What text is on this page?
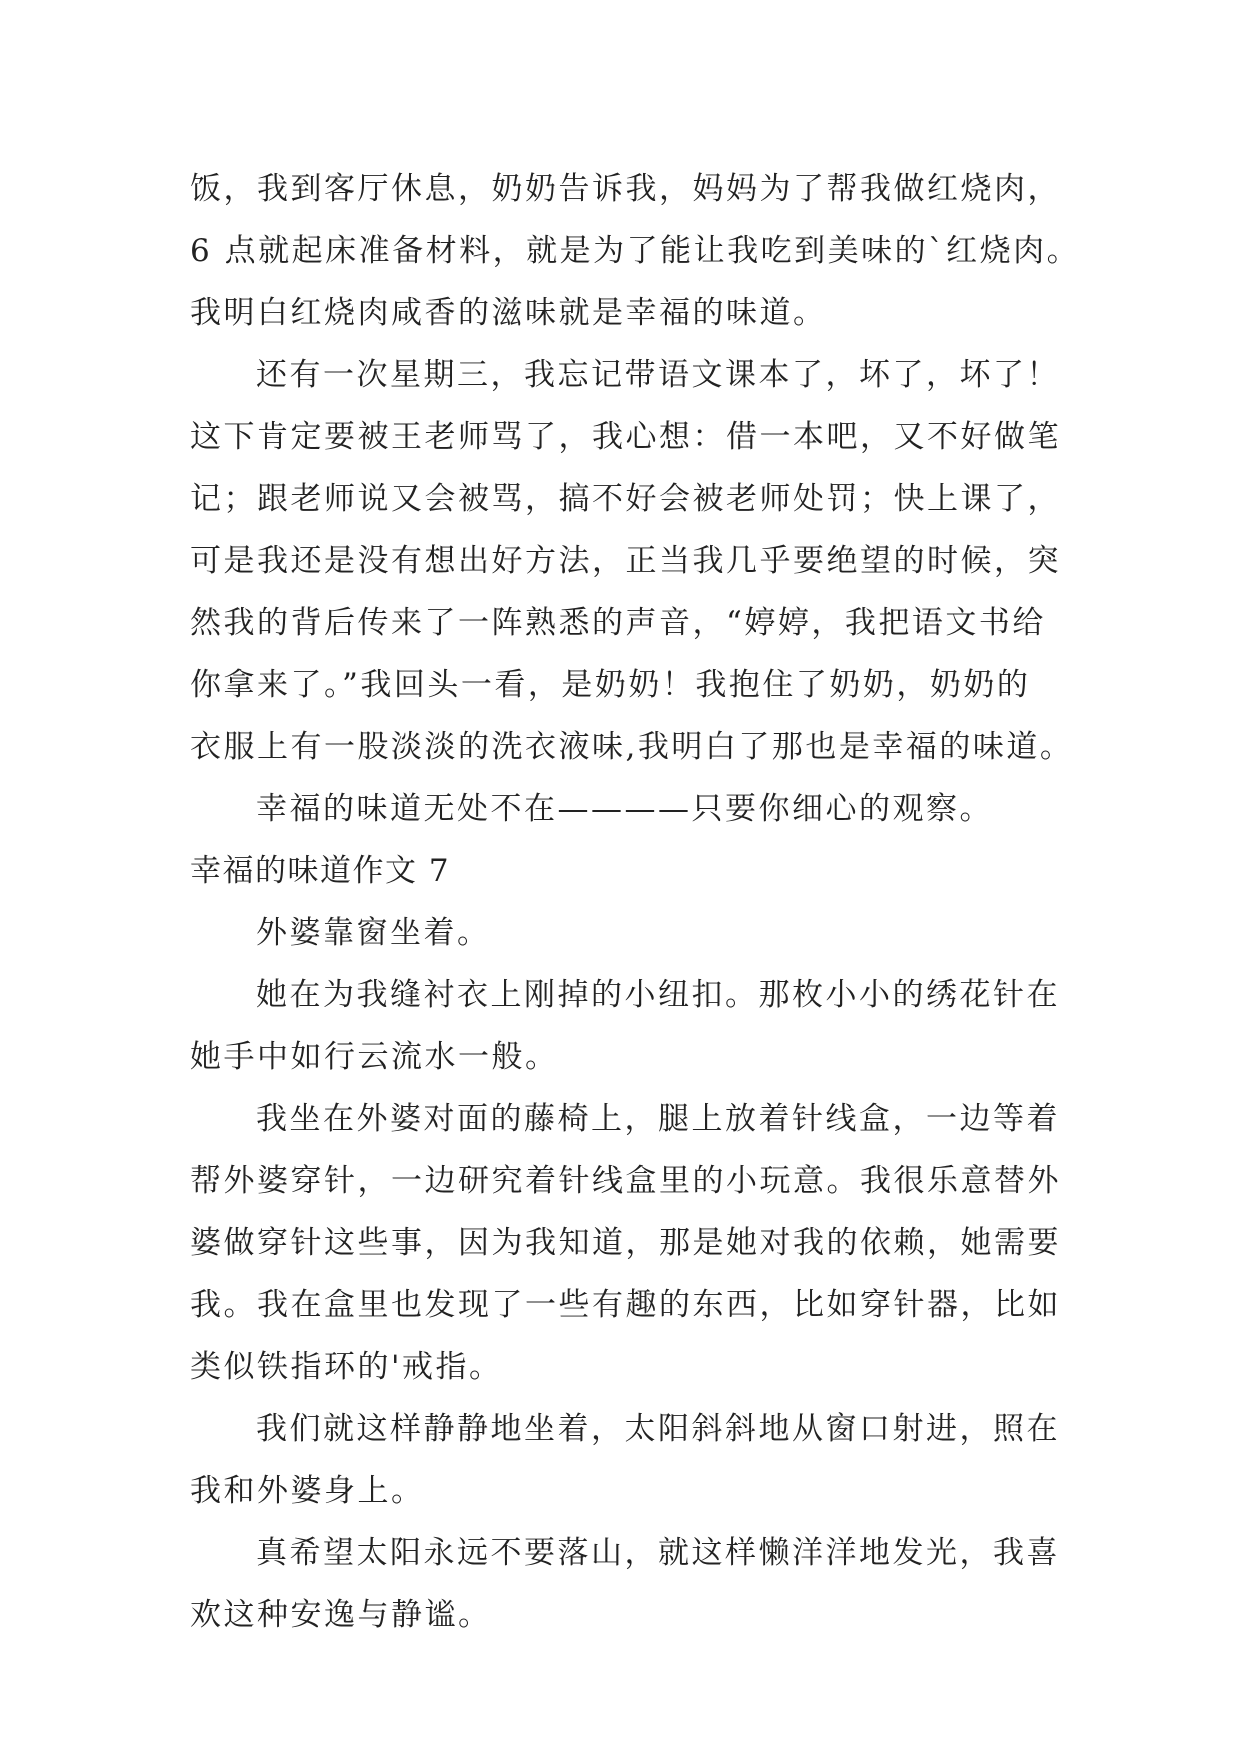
饭，我到客厅休息，奶奶告诉我，妈妈为了帮我做红烧肉，
6 点就起床准备材料，就是为了能让我吃到美味的`红烧肉。
我明白红烧肉咸香的滋味就是幸福的味道。
还有一次星期三，我忘记带语文课本了，坏了，坏了！
这下肯定要被王老师骂了，我心想：借一本吧，又不好做笔
记；跟老师说又会被骂，搞不好会被老师处罚；快上课了，
可是我还是没有想出好方法，正当我几乎要绝望的时候，突
然我的背后传来了一阵熟悉的声音，“婷婷，我把语文书给
你拿来了。”我回头一看，是奶奶！我抱住了奶奶，奶奶的
衣服上有一股淡淡的洗衣液味,我明白了那也是幸福的味道。
幸福的味道无处不在————只要你细心的观察。
幸福的味道作文 7
外婆靠窗坐着。
她在为我缝衬衣上刚掉的小纽扣。那枚小小的绣花针在
她手中如行云流水一般。
我坐在外婆对面的藤椅上，腿上放着针线盒，一边等着
帮外婆穿针，一边研究着针线盒里的小玩意。我很乐意替外
婆做穿针这些事，因为我知道，那是她对我的依赖，她需要
我。我在盒里也发现了一些有趣的东西，比如穿针器，比如
类似铁指环的'戒指。
我们就这样静静地坐着，太阳斜斜地从窗口射进，照在
我和外婆身上。
真希望太阳永远不要落山，就这样懒洋洋地发光，我喜
欢这种安逸与静谧。
